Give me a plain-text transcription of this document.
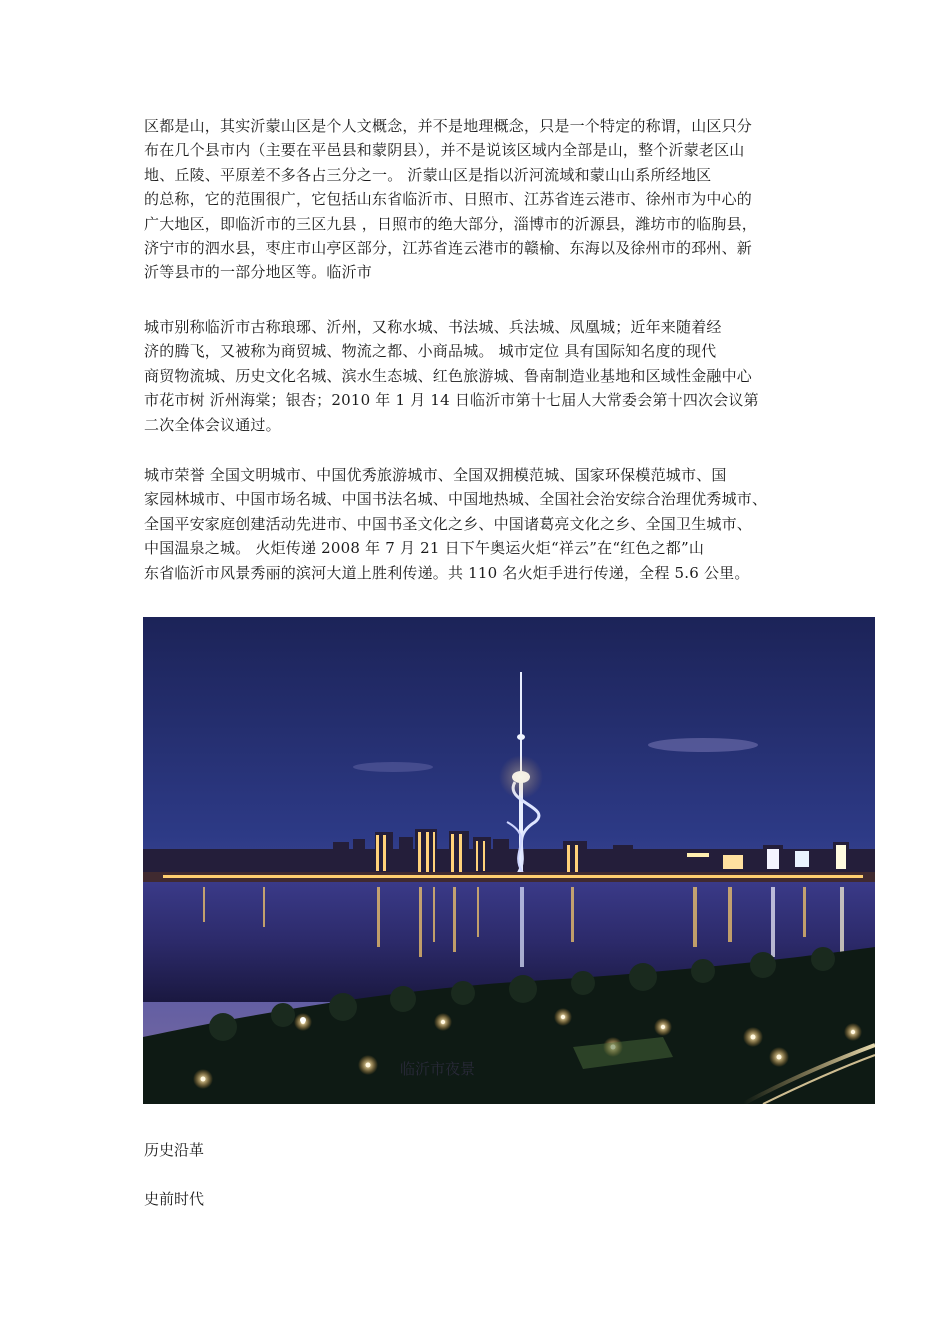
区都是山，其实沂蒙山区是个人文概念，并不是地理概念，只是一个特定的称谓，山区只分
布在几个县市内（主要在平邑县和蒙阴县），并不是说该区域内全部是山，整个沂蒙老区山
地、丘陵、平原差不多各占三分之一。 沂蒙山区是指以沂河流域和蒙山山系所经地区
的总称，它的范围很广，它包括山东省临沂市、日照市、江苏省连云港市、徐州市为中心的
广大地区，即临沂市的三区九县 ，日照市的绝大部分，淄博市的沂源县，潍坊市的临朐县，
济宁市的泗水县，枣庄市山亭区部分，江苏省连云港市的赣榆、东海以及徐州市的邳州、新
沂等县市的一部分地区等。临沂市

城市别称临沂市古称琅琊、沂州，又称水城、书法城、兵法城、凤凰城；近年来随着经
济的腾飞，又被称为商贸城、物流之都、小商品城。 城市定位 具有国际知名度的现代
商贸物流城、历史文化名城、滨水生态城、红色旅游城、鲁南制造业基地和区域性金融中心
市花市树 沂州海棠；银杏；2010 年 1 月 14 日临沂市第十七届人大常委会第十四次会议第
二次全体会议通过。

城市荣誉 全国文明城市、中国优秀旅游城市、全国双拥模范城、国家环保模范城市、国
家园林城市、中国市场名城、中国书法名城、中国地热城、全国社会治安综合治理优秀城市、
全国平安家庭创建活动先进市、中国书圣文化之乡、中国诸葛亮文化之乡、全国卫生城市、
中国温泉之城。 火炬传递 2008 年 7 月 21 日下午奥运火炬“祥云”在“红色之都”山
东省临沂市风景秀丽的滨河大道上胜利传递。共 110 名火炬手进行传递，全程 5.6 公里。

临沂市夜景

历史沿革

史前时代
